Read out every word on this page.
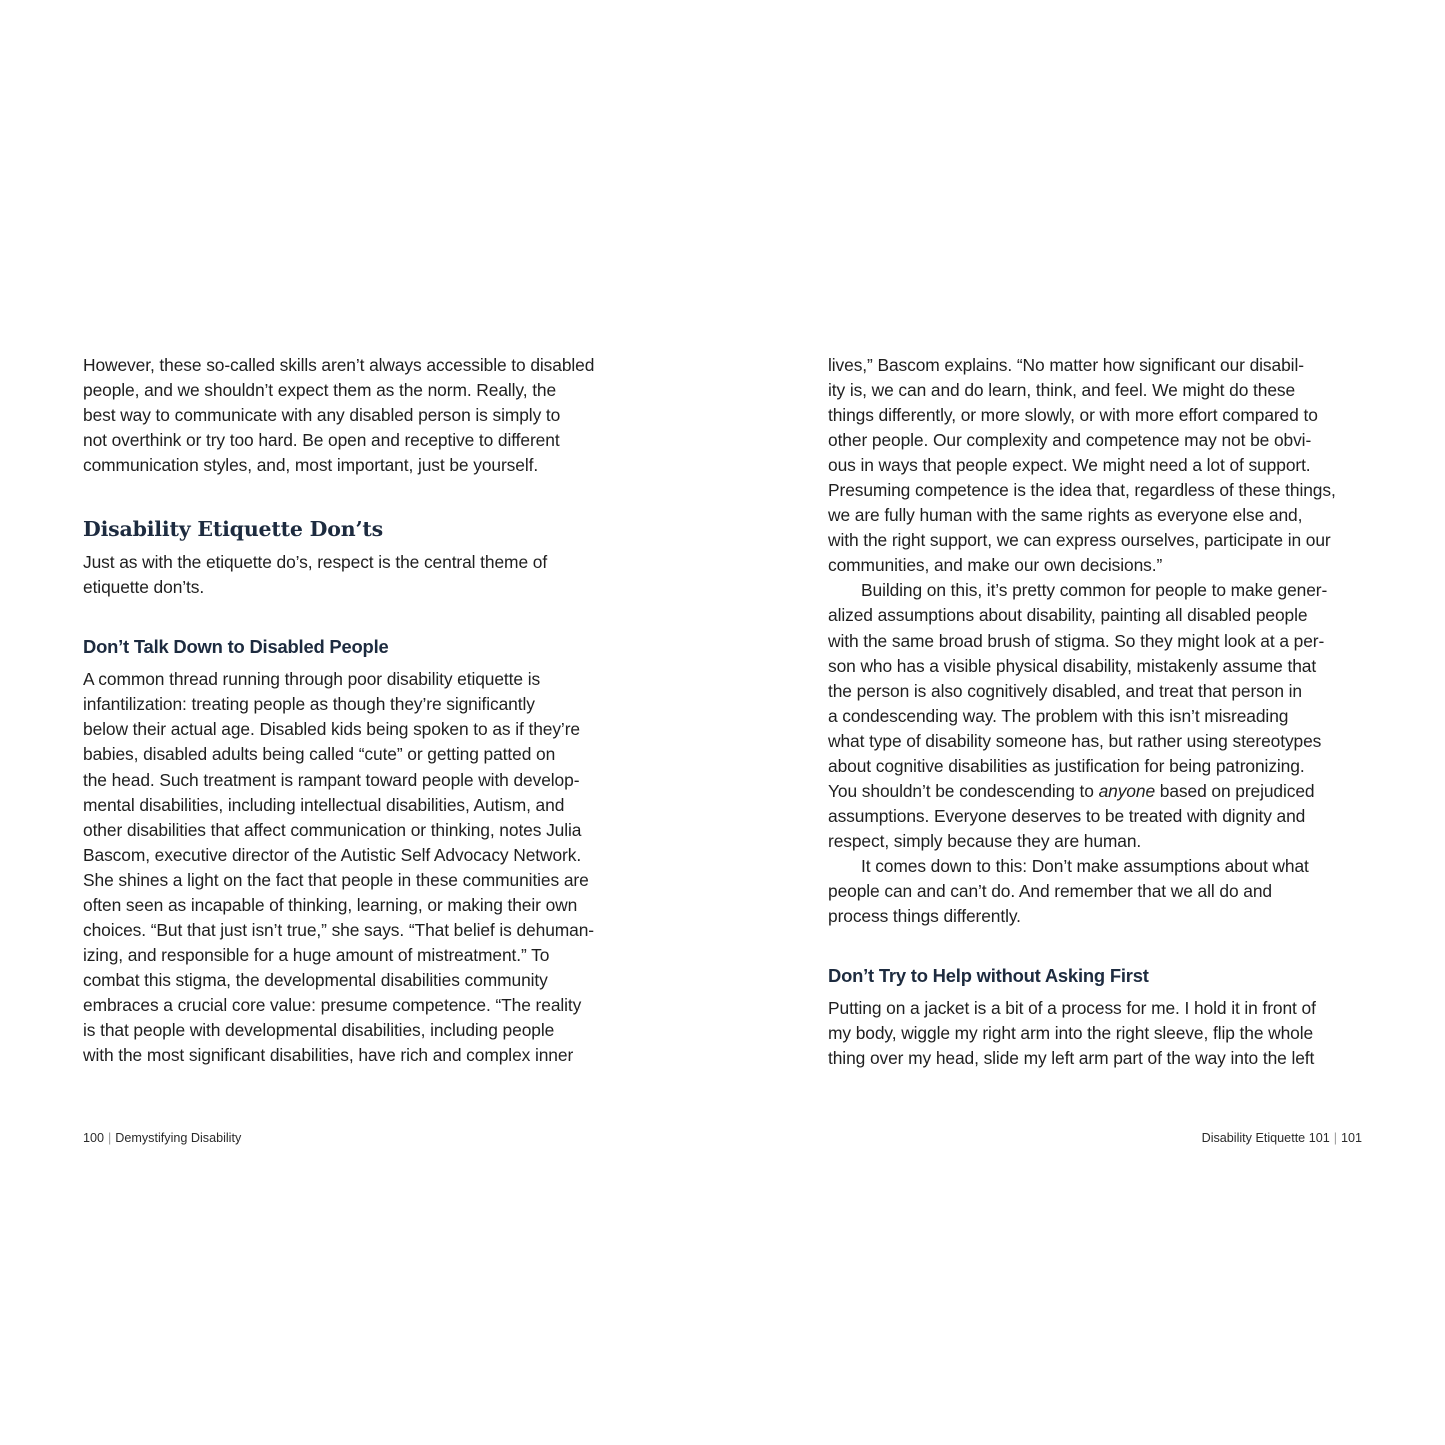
However, these so-called skills aren’t always accessible to disabled
people, and we shouldn’t expect them as the norm. Really, the
best way to communicate with any disabled person is simply to
not overthink or try too hard. Be open and receptive to different
communication styles, and, most important, just be yourself.
Disability Etiquette Don’ts
Just as with the etiquette do’s, respect is the central theme of
etiquette don’ts.
Don’t Talk Down to Disabled People
A common thread running through poor disability etiquette is
infantilization: treating people as though they’re significantly
below their actual age. Disabled kids being spoken to as if they’re
babies, disabled adults being called “cute” or getting patted on
the head. Such treatment is rampant toward people with develop-
mental disabilities, including intellectual disabilities, Autism, and
other disabilities that affect communication or thinking, notes Julia
Bascom, executive director of the Autistic Self Advocacy Network.
She shines a light on the fact that people in these communities are
often seen as incapable of thinking, learning, or making their own
choices. “But that just isn’t true,” she says. “That belief is dehuman-
izing, and responsible for a huge amount of mistreatment.” To
combat this stigma, the developmental disabilities community
embraces a crucial core value: presume competence. “The reality
is that people with developmental disabilities, including people
with the most significant disabilities, have rich and complex inner
100 | Demystifying Disability
lives,” Bascom explains. “No matter how significant our disabil-
ity is, we can and do learn, think, and feel. We might do these
things differently, or more slowly, or with more effort compared to
other people. Our complexity and competence may not be obvi-
ous in ways that people expect. We might need a lot of support.
Presuming competence is the idea that, regardless of these things,
we are fully human with the same rights as everyone else and,
with the right support, we can express ourselves, participate in our
communities, and make our own decisions.”
Building on this, it’s pretty common for people to make gener-
alized assumptions about disability, painting all disabled people
with the same broad brush of stigma. So they might look at a per-
son who has a visible physical disability, mistakenly assume that
the person is also cognitively disabled, and treat that person in
a condescending way. The problem with this isn’t misreading
what type of disability someone has, but rather using stereotypes
about cognitive disabilities as justification for being patronizing.
You shouldn’t be condescending to anyone based on prejudiced
assumptions. Everyone deserves to be treated with dignity and
respect, simply because they are human.
It comes down to this: Don’t make assumptions about what
people can and can’t do. And remember that we all do and
process things differently.
Don’t Try to Help without Asking First
Putting on a jacket is a bit of a process for me. I hold it in front of
my body, wiggle my right arm into the right sleeve, flip the whole
thing over my head, slide my left arm part of the way into the left
Disability Etiquette 101 | 101
